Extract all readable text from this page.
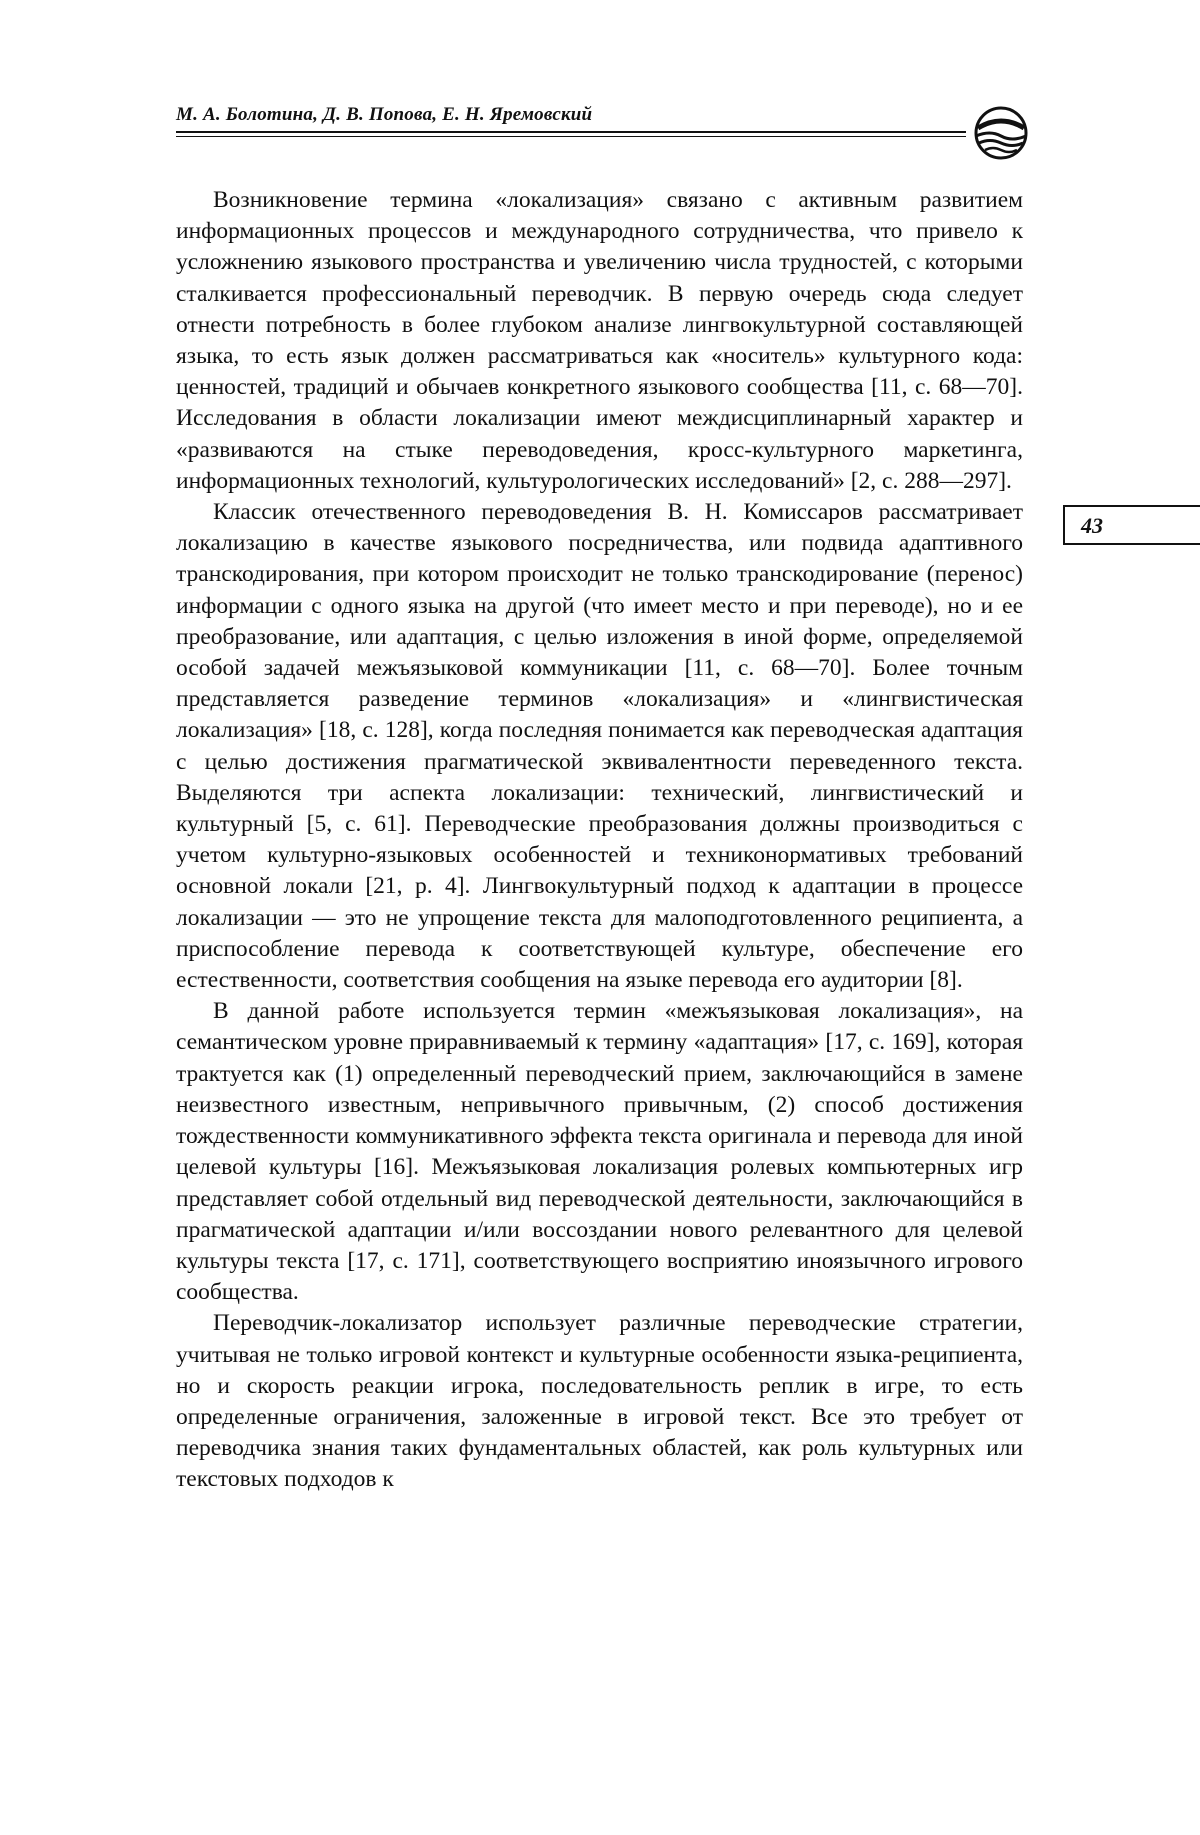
М. А. Болотина, Д. В. Попова, Е. Н. Яремовский
43

Возникновение термина «локализация» связано с активным развитием информационных процессов и международного сотрудничества, что привело к усложнению языкового пространства и увеличению числа трудностей, с которыми сталкивается профессиональный переводчик. В первую очередь сюда следует отнести потребность в более глубоком анализе лингвокультурной составляющей языка, то есть язык должен рассматриваться как «носитель» культурного кода: ценностей, традиций и обычаев конкретного языкового сообщества [11, с. 68—70]. Исследования в области локализации имеют междисциплинарный характер и «развиваются на стыке переводоведения, кросс-культурного маркетинга, информационных технологий, культурологических исследований» [2, с. 288—297].

Классик отечественного переводоведения В. Н. Комиссаров рассматривает локализацию в качестве языкового посредничества, или подвида адаптивного транскодирования, при котором происходит не только транскодирование (перенос) информации с одного языка на другой (что имеет место и при переводе), но и ее преобразование, или адаптация, с целью изложения в иной форме, определяемой особой задачей межъязыковой коммуникации [11, с. 68—70]. Более точным представляется разведение терминов «локализация» и «лингвистическая локализация» [18, с. 128], когда последняя понимается как переводческая адаптация с целью достижения прагматической эквивалентности переведенного текста. Выделяются три аспекта локализации: технический, лингвистический и культурный [5, с. 61]. Переводческие преобразования должны производиться с учетом культурно-языковых особенностей и техниконормативых требований основной локали [21, p. 4]. Лингвокультурный подход к адаптации в процессе локализации — это не упрощение текста для малоподготовленного реципиента, а приспособление перевода к соответствующей культуре, обеспечение его естественности, соответствия сообщения на языке перевода его аудитории [8].

В данной работе используется термин «межъязыковая локализация», на семантическом уровне приравниваемый к термину «адаптация» [17, с. 169], которая трактуется как (1) определенный переводческий прием, заключающийся в замене неизвестного известным, непривычного привычным, (2) способ достижения тождественности коммуникативного эффекта текста оригинала и перевода для иной целевой культуры [16]. Межъязыковая локализация ролевых компьютерных игр представляет собой отдельный вид переводческой деятельности, заключающийся в прагматической адаптации и/или воссоздании нового релевантного для целевой культуры текста [17, с. 171], соответствующего восприятию иноязычного игрового сообщества.

Переводчик-локализатор использует различные переводческие стратегии, учитывая не только игровой контекст и культурные особенности языка-реципиента, но и скорость реакции игрока, последовательность реплик в игре, то есть определенные ограничения, заложенные в игровой текст. Все это требует от переводчика знания таких фундаментальных областей, как роль культурных или текстовых подходов к
